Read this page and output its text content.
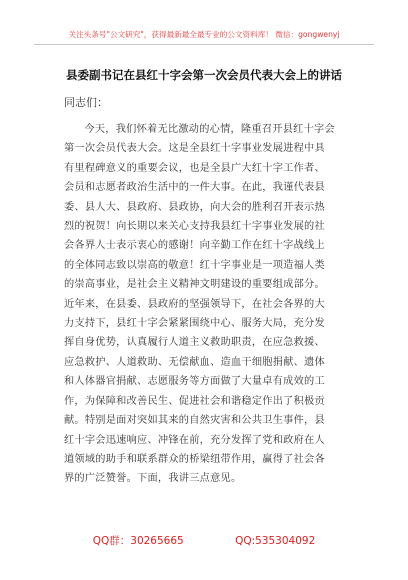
关注头条号"公文研究"，获得最新最全最专业的公文资料库！ 微信：gongwenyj
县委副书记在县红十字会第一次会员代表大会上的讲话
同志们：
今天，我们怀着无比激动的心情，隆重召开县红十字会
第一次会员代表大会。这是全县红十字事业发展进程中具
有里程碑意义的重要会议，也是全县广大红十字工作者、
会员和志愿者政治生活中的一件大事。在此，我谨代表县
委、县人大、县政府、县政协，向大会的胜利召开表示热
烈的祝贺！向长期以来关心支持我县红十字事业发展的社
会各界人士表示衷心的感谢！向辛勤工作在红十字战线上
的全体同志致以崇高的敬意！红十字事业是一项造福人类
的崇高事业，是社会主义精神文明建设的重要组成部分。
近年来，在县委、县政府的坚强领导下，在社会各界的大
力支持下，县红十字会紧紧围绕中心、服务大局，充分发
挥自身优势，认真履行人道主义救助职责，在应急救援、
应急救护、人道救助、无偿献血、造血干细胞捐献、遗体
和人体器官捐献、志愿服务等方面做了大量卓有成效的工
作，为保障和改善民生、促进社会和谐稳定作出了积极贡
献。特别是面对突如其来的自然灾害和公共卫生事件，县
红十字会迅速响应、冲锋在前，充分发挥了党和政府在人
道领域的助手和联系群众的桥梁纽带作用，赢得了社会各
界的广泛赞誉。下面，我讲三点意见。
QQ群：30265665	QQ:535304092
